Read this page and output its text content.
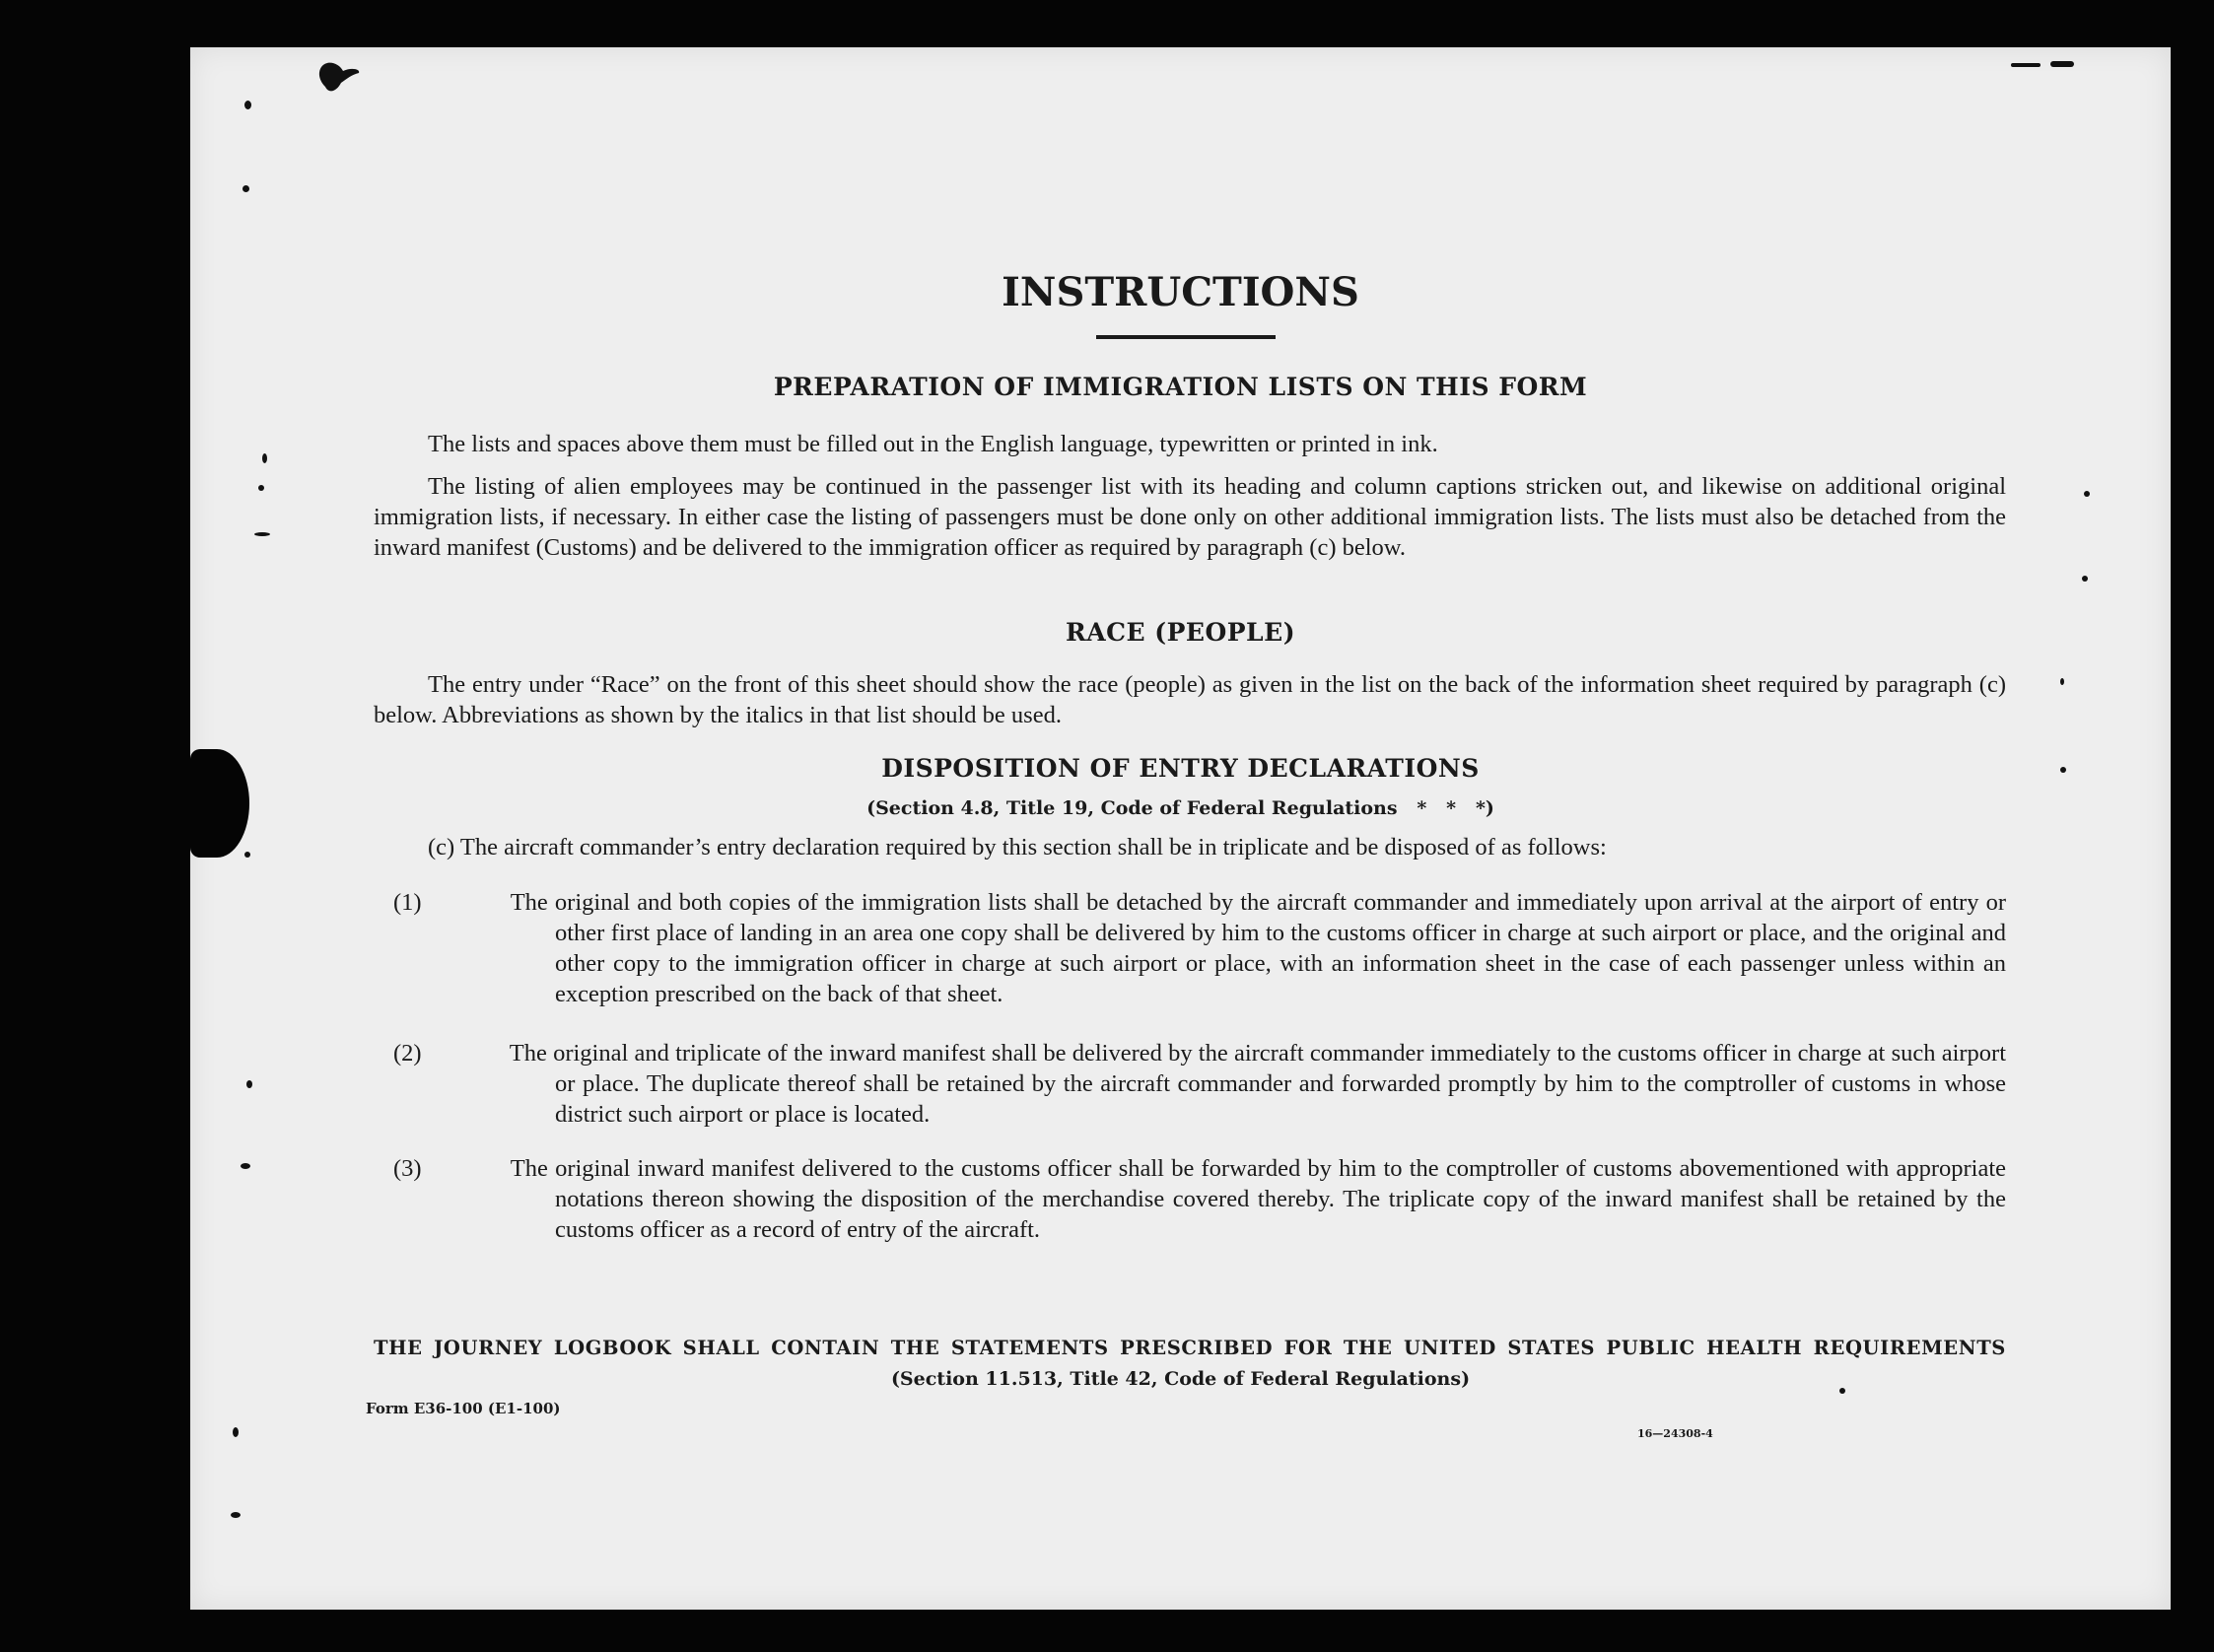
INSTRUCTIONS
PREPARATION OF IMMIGRATION LISTS ON THIS FORM
The lists and spaces above them must be filled out in the English language, typewritten or printed in ink.
The listing of alien employees may be continued in the passenger list with its heading and column captions stricken out, and likewise on additional original immigration lists, if necessary. In either case the listing of passengers must be done only on other additional immigration lists. The lists must also be detached from the inward manifest (Customs) and be delivered to the immigration officer as required by paragraph (c) below.
RACE (PEOPLE)
The entry under “Race” on the front of this sheet should show the race (people) as given in the list on the back of the information sheet required by paragraph (c) below. Abbreviations as shown by the italics in that list should be used.
DISPOSITION OF ENTRY DECLARATIONS
(Section 4.8, Title 19, Code of Federal Regulations   *   *   *)
(c) The aircraft commander’s entry declaration required by this section shall be in triplicate and be disposed of as follows:
(1)	The original and both copies of the immigration lists shall be detached by the aircraft commander and immediately upon arrival at the airport of entry or other first place of landing in an area one copy shall be delivered by him to the customs officer in charge at such airport or place, and the original and other copy to the immigration officer in charge at such airport or place, with an information sheet in the case of each passenger unless within an exception prescribed on the back of that sheet.
(2)	The original and triplicate of the inward manifest shall be delivered by the aircraft commander immediately to the customs officer in charge at such airport or place. The duplicate thereof shall be retained by the aircraft commander and forwarded promptly by him to the comptroller of customs in whose district such airport or place is located.
(3)	The original inward manifest delivered to the customs officer shall be forwarded by him to the comptroller of customs abovementioned with appropriate notations thereon showing the disposition of the merchandise covered thereby. The triplicate copy of the inward manifest shall be retained by the customs officer as a record of entry of the aircraft.
THE JOURNEY LOGBOOK SHALL CONTAIN THE STATEMENTS PRESCRIBED FOR THE UNITED STATES PUBLIC HEALTH REQUIREMENTS
(Section 11.513, Title 42, Code of Federal Regulations)
Form E36-100 (E1-100)
16—24308-4
